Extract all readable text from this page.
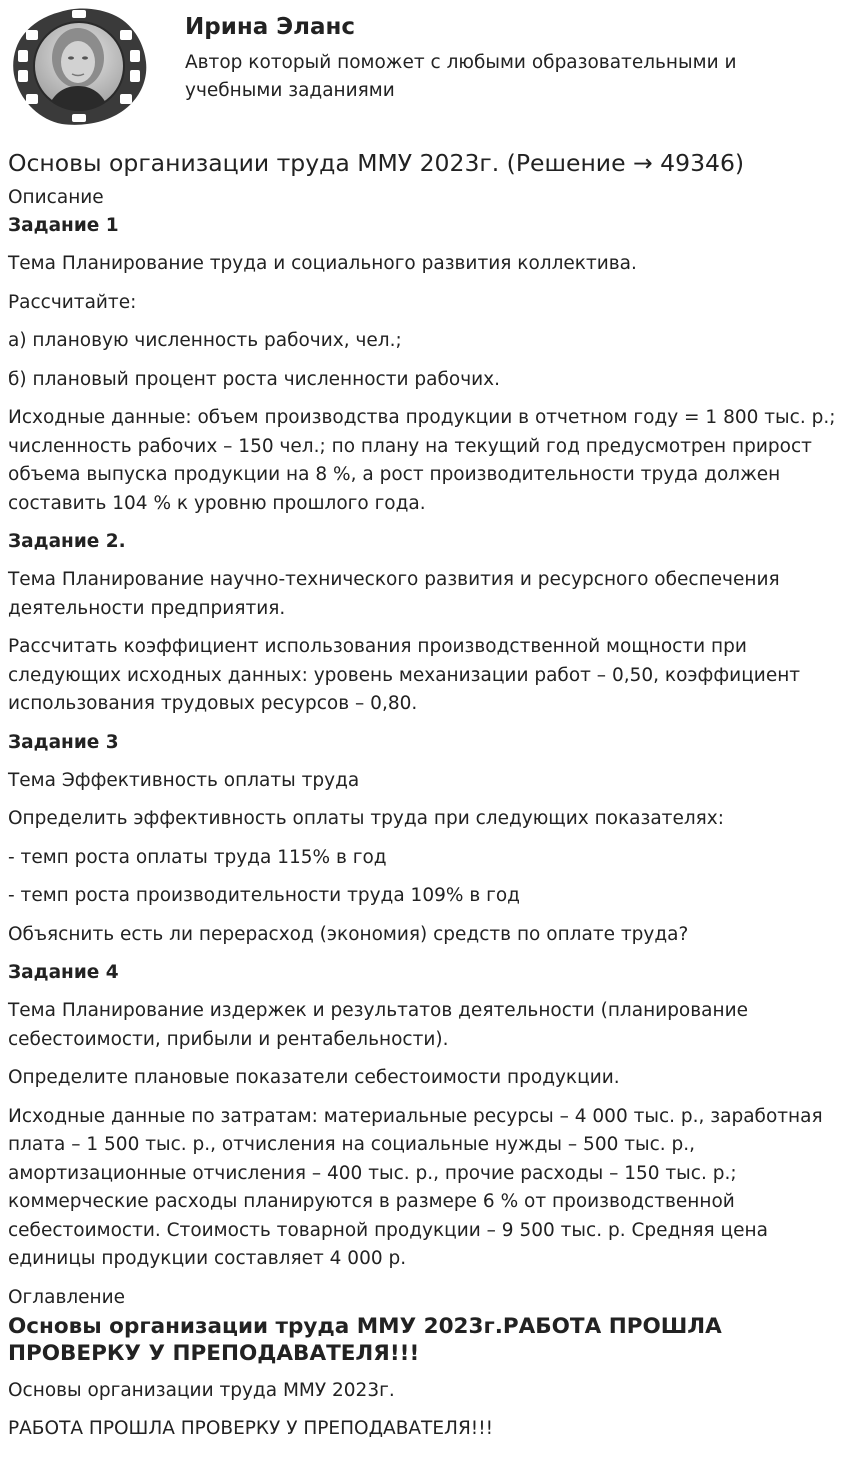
Ирина Эланс
Автор который поможет с любыми образовательными и учебными заданиями
Основы организации труда ММУ 2023г. (Решение → 49346)

Описание

Задание 1

Тема Планирование труда и социального развития коллектива.

Рассчитайте:

а) плановую численность рабочих, чел.;

б) плановый процент роста численности рабочих.

Исходные данные: объем производства продукции в отчетном году = 1 800 тыс. р.; численность рабочих – 150 чел.; по плану на текущий год предусмотрен прирост объема выпуска продукции на 8 %, а рост производительности труда должен составить 104 % к уровню прошлого года.

Задание 2.

Тема Планирование научно-технического развития и ресурсного обеспечения деятельности предприятия.

Рассчитать коэффициент использования производственной мощности при следующих исходных данных: уровень механизации работ – 0,50, коэффициент использования трудовых ресурсов – 0,80.

Задание 3

Тема Эффективность оплаты труда

Определить эффективность оплаты труда при следующих показателях:

- темп роста оплаты труда 115% в год

- темп роста производительности труда 109% в год

Объяснить есть ли перерасход (экономия) средств по оплате труда?

Задание 4

Тема Планирование издержек и результатов деятельности (планирование себестоимости, прибыли и рентабельности).

Определите плановые показатели себестоимости продукции.

Исходные данные по затратам: материальные ресурсы – 4 000 тыс. р., заработная плата – 1 500 тыс. р., отчисления на социальные нужды – 500 тыс. р., амортизационные отчисления – 400 тыс. р., прочие расходы – 150 тыс. р.; коммерческие расходы планируются в размере 6 % от производственной себестоимости. Стоимость товарной продукции – 9 500 тыс. р. Средняя цена единицы продукции составляет 4 000 р.

Оглавление

Основы организации труда ММУ 2023г.РАБОТА ПРОШЛА ПРОВЕРКУ У ПРЕПОДАВАТЕЛЯ!!!

Основы организации труда ММУ 2023г.

РАБОТА ПРОШЛА ПРОВЕРКУ У ПРЕПОДАВАТЕЛЯ!!!
